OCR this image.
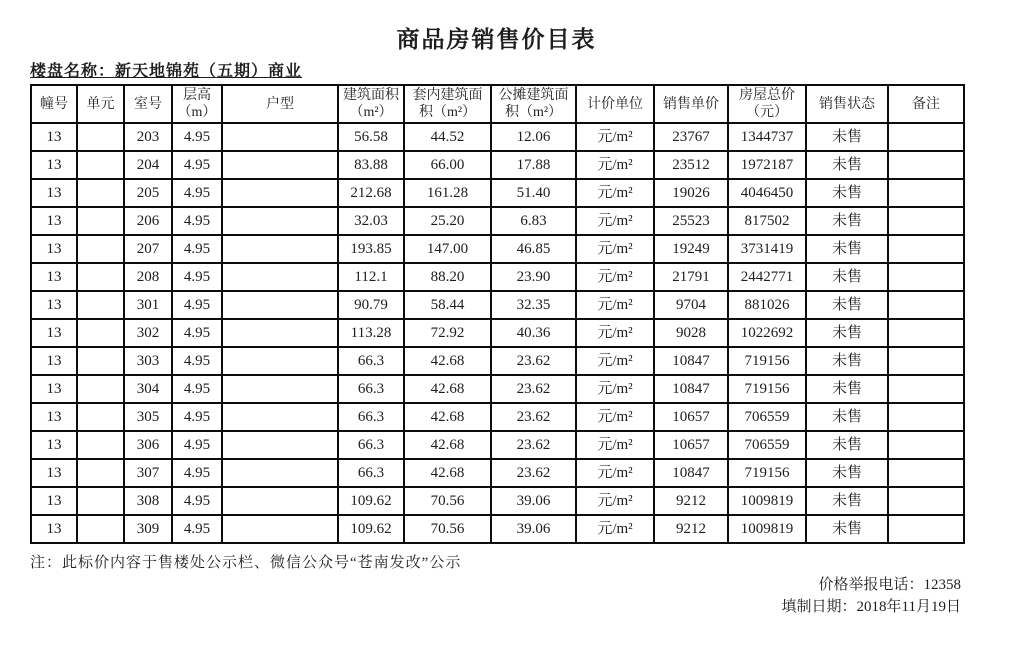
商品房销售价目表
楼盘名称：新天地锦苑（五期）商业
幢号	单元	室号	层高（m）	户型	建筑面积（m²）	套内建筑面积（m²）	公摊建筑面积（m²）	计价单位	销售单价	房屋总价（元）	销售状态	备注
13		203	4.95		56.58	44.52	12.06	元/m²	23767	1344737	未售	
13		204	4.95		83.88	66.00	17.88	元/m²	23512	1972187	未售	
13		205	4.95		212.68	161.28	51.40	元/m²	19026	4046450	未售	
13		206	4.95		32.03	25.20	6.83	元/m²	25523	817502	未售	
13		207	4.95		193.85	147.00	46.85	元/m²	19249	3731419	未售	
13		208	4.95		112.1	88.20	23.90	元/m²	21791	2442771	未售	
13		301	4.95		90.79	58.44	32.35	元/m²	9704	881026	未售	
13		302	4.95		113.28	72.92	40.36	元/m²	9028	1022692	未售	
13		303	4.95		66.3	42.68	23.62	元/m²	10847	719156	未售	
13		304	4.95		66.3	42.68	23.62	元/m²	10847	719156	未售	
13		305	4.95		66.3	42.68	23.62	元/m²	10657	706559	未售	
13		306	4.95		66.3	42.68	23.62	元/m²	10657	706559	未售	
13		307	4.95		66.3	42.68	23.62	元/m²	10847	719156	未售	
13		308	4.95		109.62	70.56	39.06	元/m²	9212	1009819	未售	
13		309	4.95		109.62	70.56	39.06	元/m²	9212	1009819	未售	
注：此标价内容于售楼处公示栏、微信公众号“苍南发改”公示
价格举报电话：12358
填制日期：2018年11月19日
